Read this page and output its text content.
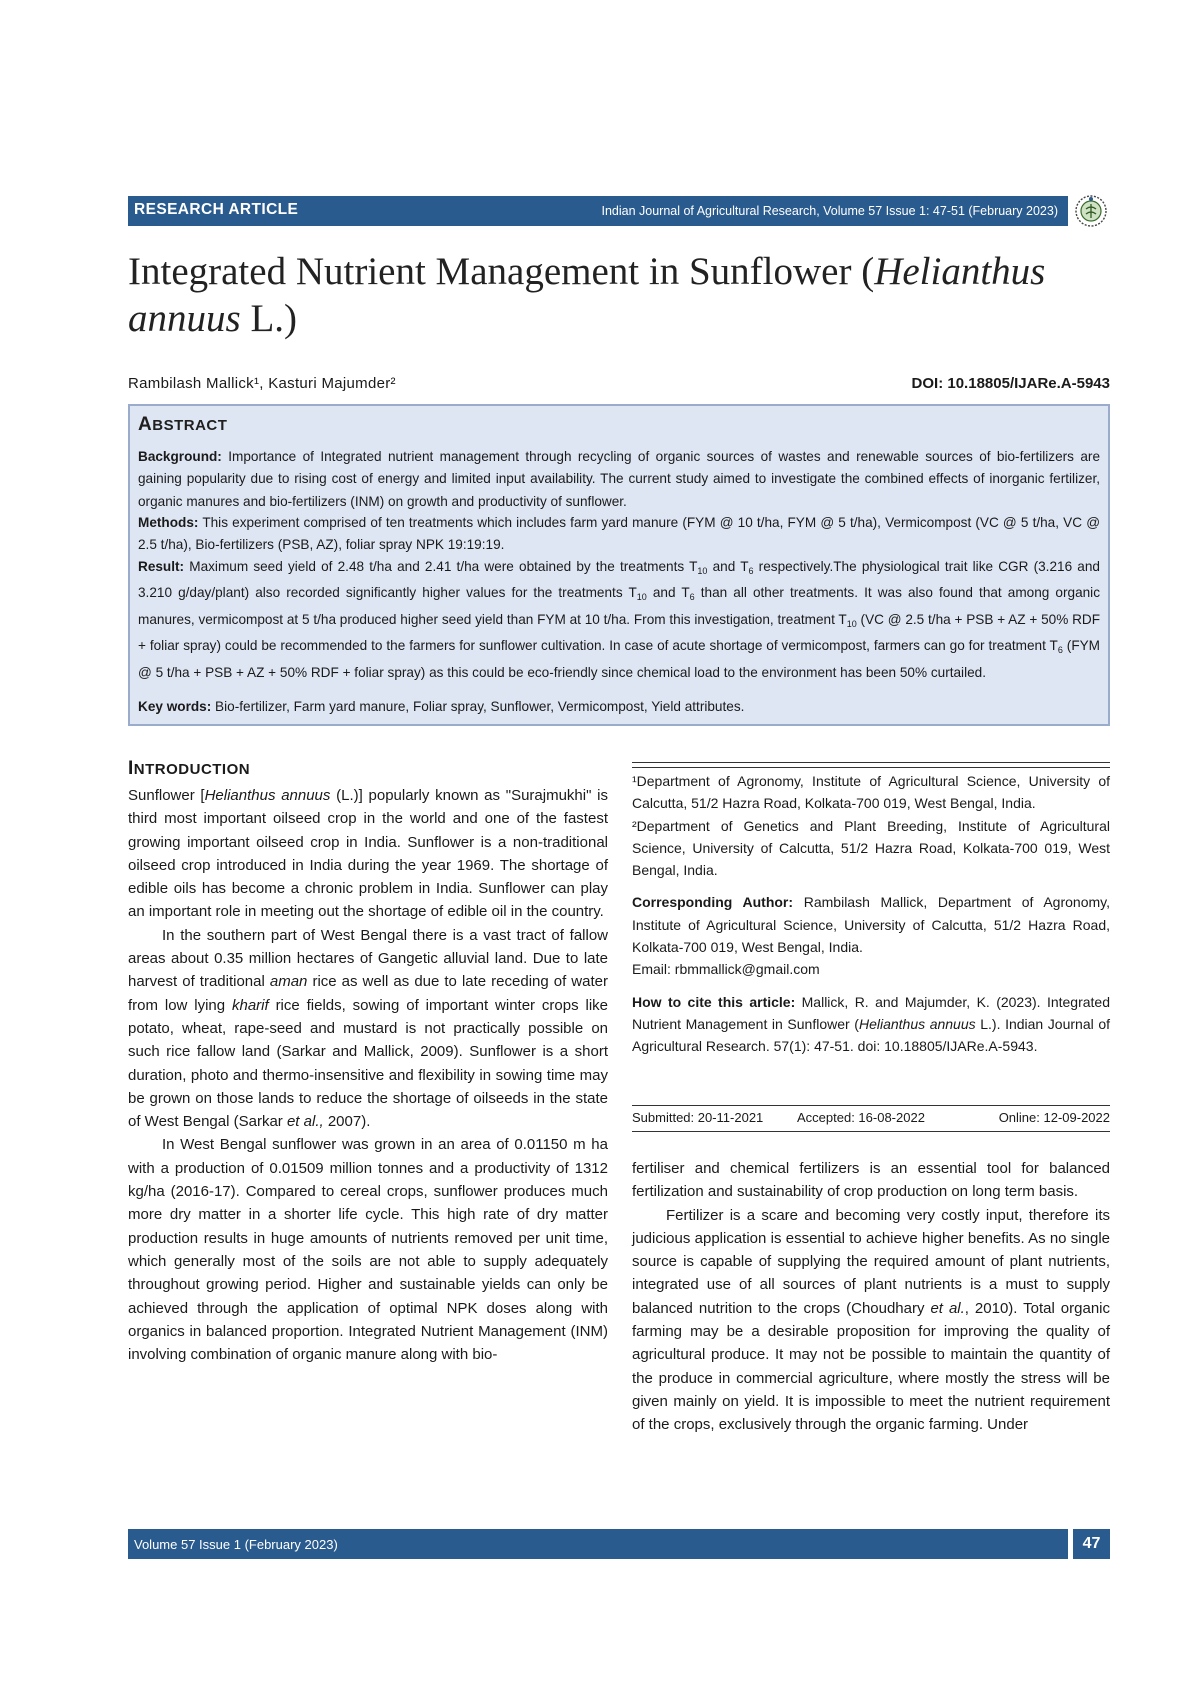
RESEARCH ARTICLE	Indian Journal of Agricultural Research, Volume 57 Issue 1: 47-51 (February 2023)
Integrated Nutrient Management in Sunflower (Helianthus annuus L.)
Rambilash Mallick¹, Kasturi Majumder²	DOI: 10.18805/IJARe.A-5943
ABSTRACT
Background: Importance of Integrated nutrient management through recycling of organic sources of wastes and renewable sources of bio-fertilizers are gaining popularity due to rising cost of energy and limited input availability. The current study aimed to investigate the combined effects of inorganic fertilizer, organic manures and bio-fertilizers (INM) on growth and productivity of sunflower.
Methods: This experiment comprised of ten treatments which includes farm yard manure (FYM @ 10 t/ha, FYM @ 5 t/ha), Vermicompost (VC @ 5 t/ha, VC @ 2.5 t/ha), Bio-fertilizers (PSB, AZ), foliar spray NPK 19:19:19.
Result: Maximum seed yield of 2.48 t/ha and 2.41 t/ha were obtained by the treatments $T_{10}$ and $T_6$ respectively.The physiological trait like CGR (3.216 and 3.210 g/day/plant) also recorded significantly higher values for the treatments $T_{10}$ and $T_6$ than all other treatments. It was also found that among organic manures, vermicompost at 5 t/ha produced higher seed yield than FYM at 10 t/ha. From this investigation, treatment $T_{10}$ (VC @ 2.5 t/ha + PSB + AZ + 50% RDF + foliar spray) could be recommended to the farmers for sunflower cultivation. In case of acute shortage of vermicompost, farmers can go for treatment $T_6$ (FYM @ 5 t/ha + PSB + AZ + 50% RDF + foliar spray) as this could be eco-friendly since chemical load to the environment has been 50% curtailed.
Key words: Bio-fertilizer, Farm yard manure, Foliar spray, Sunflower, Vermicompost, Yield attributes.
INTRODUCTION

Sunflower [Helianthus annuus (L.)] popularly known as "Surajmukhi" is third most important oilseed crop in the world and one of the fastest growing important oilseed crop in India. Sunflower is a non-traditional oilseed crop introduced in India during the year 1969. The shortage of edible oils has become a chronic problem in India. Sunflower can play an important role in meeting out the shortage of edible oil in the country.

In the southern part of West Bengal there is a vast tract of fallow areas about 0.35 million hectares of Gangetic alluvial land. Due to late harvest of traditional aman rice as well as due to late receding of water from low lying kharif rice fields, sowing of important winter crops like potato, wheat, rape-seed and mustard is not practically possible on such rice fallow land (Sarkar and Mallick, 2009). Sunflower is a short duration, photo and thermo-insensitive and flexibility in sowing time may be grown on those lands to reduce the shortage of oilseeds in the state of West Bengal (Sarkar et al., 2007).

In West Bengal sunflower was grown in an area of 0.01150 m ha with a production of 0.01509 million tonnes and a productivity of 1312 kg/ha (2016-17). Compared to cereal crops, sunflower produces much more dry matter in a shorter life cycle. This high rate of dry matter production results in huge amounts of nutrients removed per unit time, which generally most of the soils are not able to supply adequately throughout growing period. Higher and sustainable yields can only be achieved through the application of optimal NPK doses along with organics in balanced proportion. Integrated Nutrient Management (INM) involving combination of organic manure along with bio-

¹Department of Agronomy, Institute of Agricultural Science, University of Calcutta, 51/2 Hazra Road, Kolkata-700 019, West Bengal, India.

²Department of Genetics and Plant Breeding, Institute of Agricultural Science, University of Calcutta, 51/2 Hazra Road, Kolkata-700 019, West Bengal, India.

Corresponding Author: Rambilash Mallick, Department of Agronomy, Institute of Agricultural Science, University of Calcutta, 51/2 Hazra Road, Kolkata-700 019, West Bengal, India.
Email: rbmmallick@gmail.com

How to cite this article: Mallick, R. and Majumder, K. (2023). Integrated Nutrient Management in Sunflower (Helianthus annuus L.). Indian Journal of Agricultural Research. 57(1): 47-51. doi: 10.18805/IJARe.A-5943.

Submitted: 20-11-2021	Accepted: 16-08-2022	Online: 12-09-2022

fertiliser and chemical fertilizers is an essential tool for balanced fertilization and sustainability of crop production on long term basis.

Fertilizer is a scare and becoming very costly input, therefore its judicious application is essential to achieve higher benefits. As no single source is capable of supplying the required amount of plant nutrients, integrated use of all sources of plant nutrients is a must to supply balanced nutrition to the crops (Choudhary et al., 2010). Total organic farming may be a desirable proposition for improving the quality of agricultural produce. It may not be possible to maintain the quantity of the produce in commercial agriculture, where mostly the stress will be given mainly on yield. It is impossible to meet the nutrient requirement of the crops, exclusively through the organic farming. Under

Volume 57 Issue 1 (February 2023)	47
